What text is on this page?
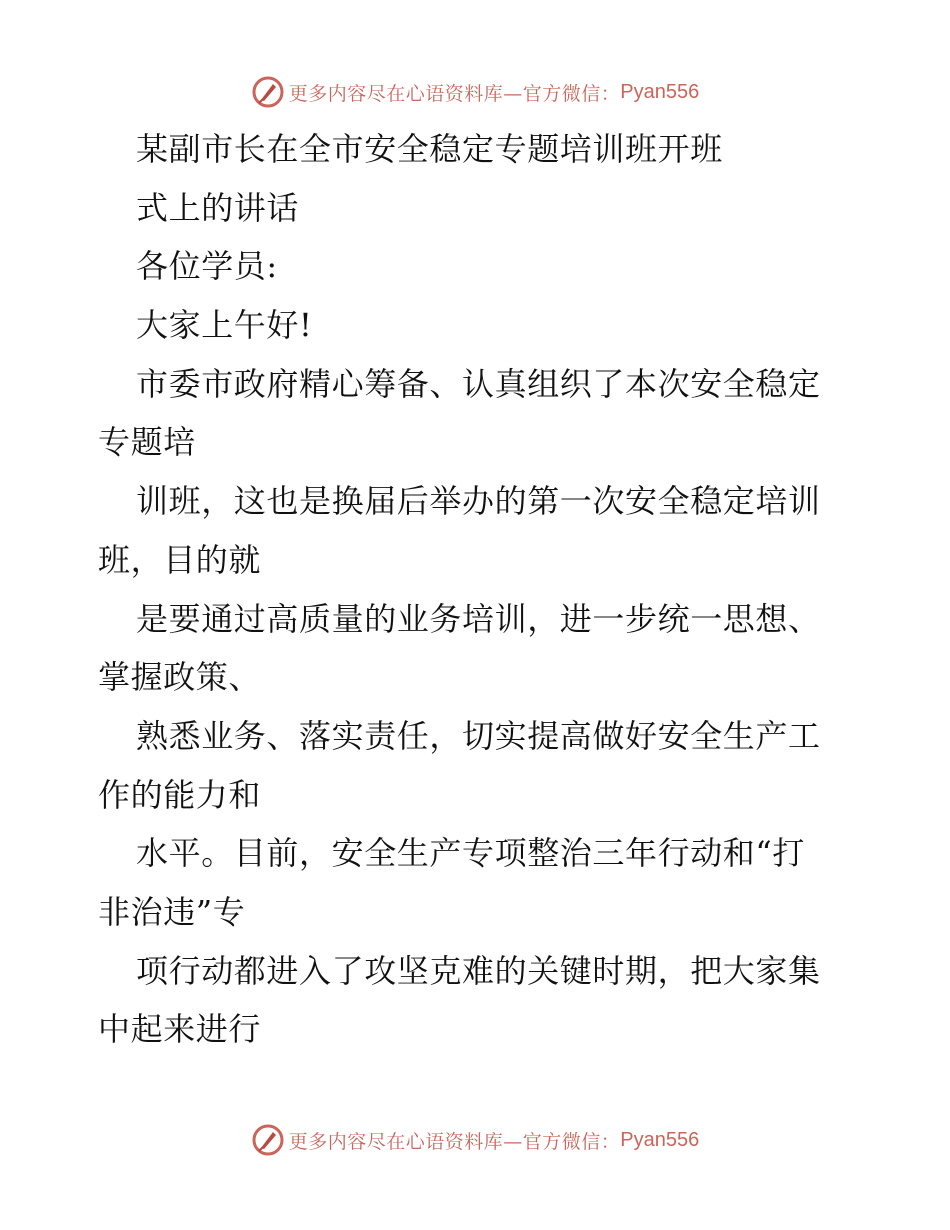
更多内容尽在心语资料库—官方微信： Pyan556
某副市长在全市安全稳定专题培训班开班
式上的讲话
各位学员:
大家上午好!
市委市政府精心筹备、认真组织了本次安全稳定
专题培
训班，这也是换届后举办的第一次安全稳定培训
班，目的就
是要通过高质量的业务培训，进一步统一思想、
掌握政策、
熟悉业务、落实责任，切实提高做好安全生产工
作的能力和
水平。目前，安全生产专项整治三年行动和“打
非治违”专
项行动都进入了攻坚克难的关键时期，把大家集
中起来进行
更多内容尽在心语资料库—官方微信： Pyan556
